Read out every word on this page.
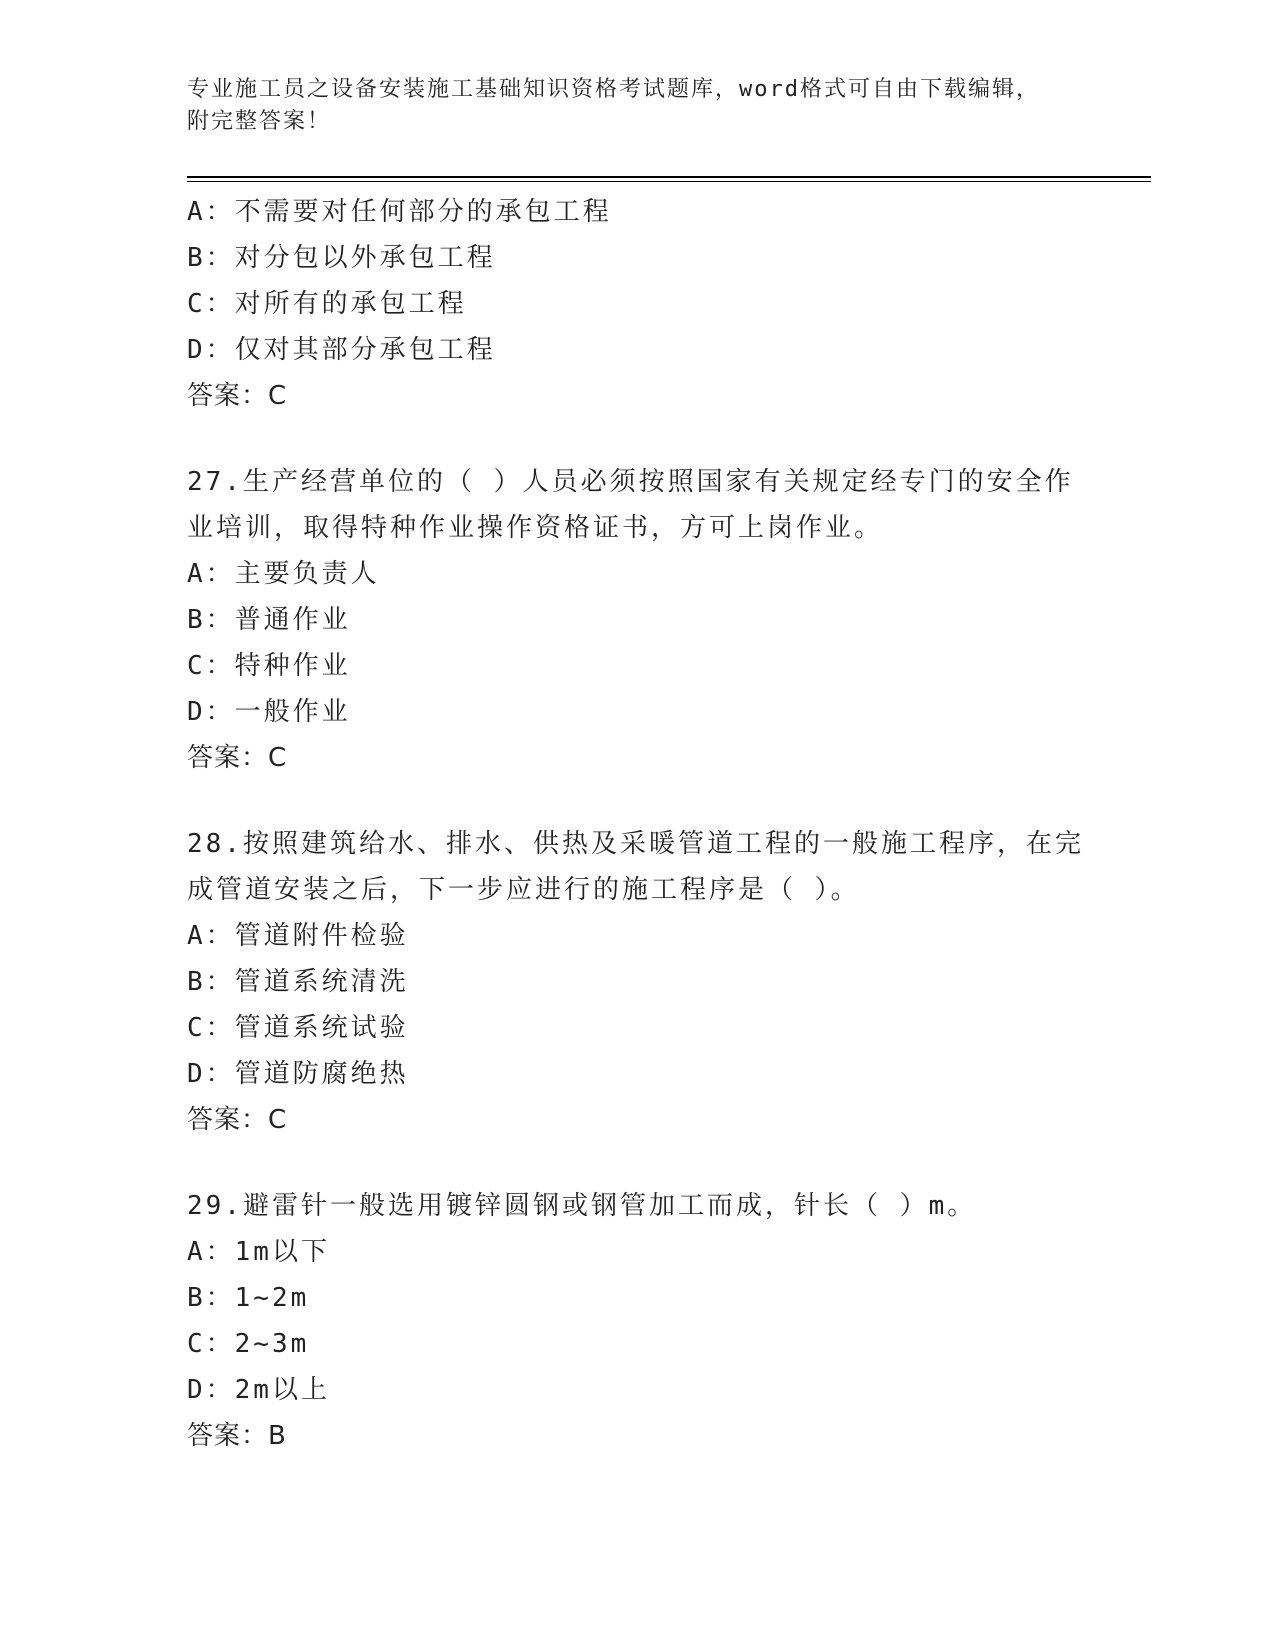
专业施工员之设备安装施工基础知识资格考试题库，word格式可自由下载编辑，
附完整答案！
A：不需要对任何部分的承包工程
B：对分包以外承包工程
C：对所有的承包工程
D：仅对其部分承包工程
答案：C
27.生产经营单位的（ ）人员必须按照国家有关规定经专门的安全作
业培训，取得特种作业操作资格证书，方可上岗作业。
A：主要负责人
B：普通作业
C：特种作业
D：一般作业
答案：C
28.按照建筑给水、排水、供热及采暖管道工程的一般施工程序，在完
成管道安装之后，下一步应进行的施工程序是（ ）。
A：管道附件检验
B：管道系统清洗
C：管道系统试验
D：管道防腐绝热
答案：C
29.避雷针一般选用镀锌圆钢或钢管加工而成，针长（ ）m。
A：1m以下
B：1~2m
C：2~3m
D：2m以上
答案：B
